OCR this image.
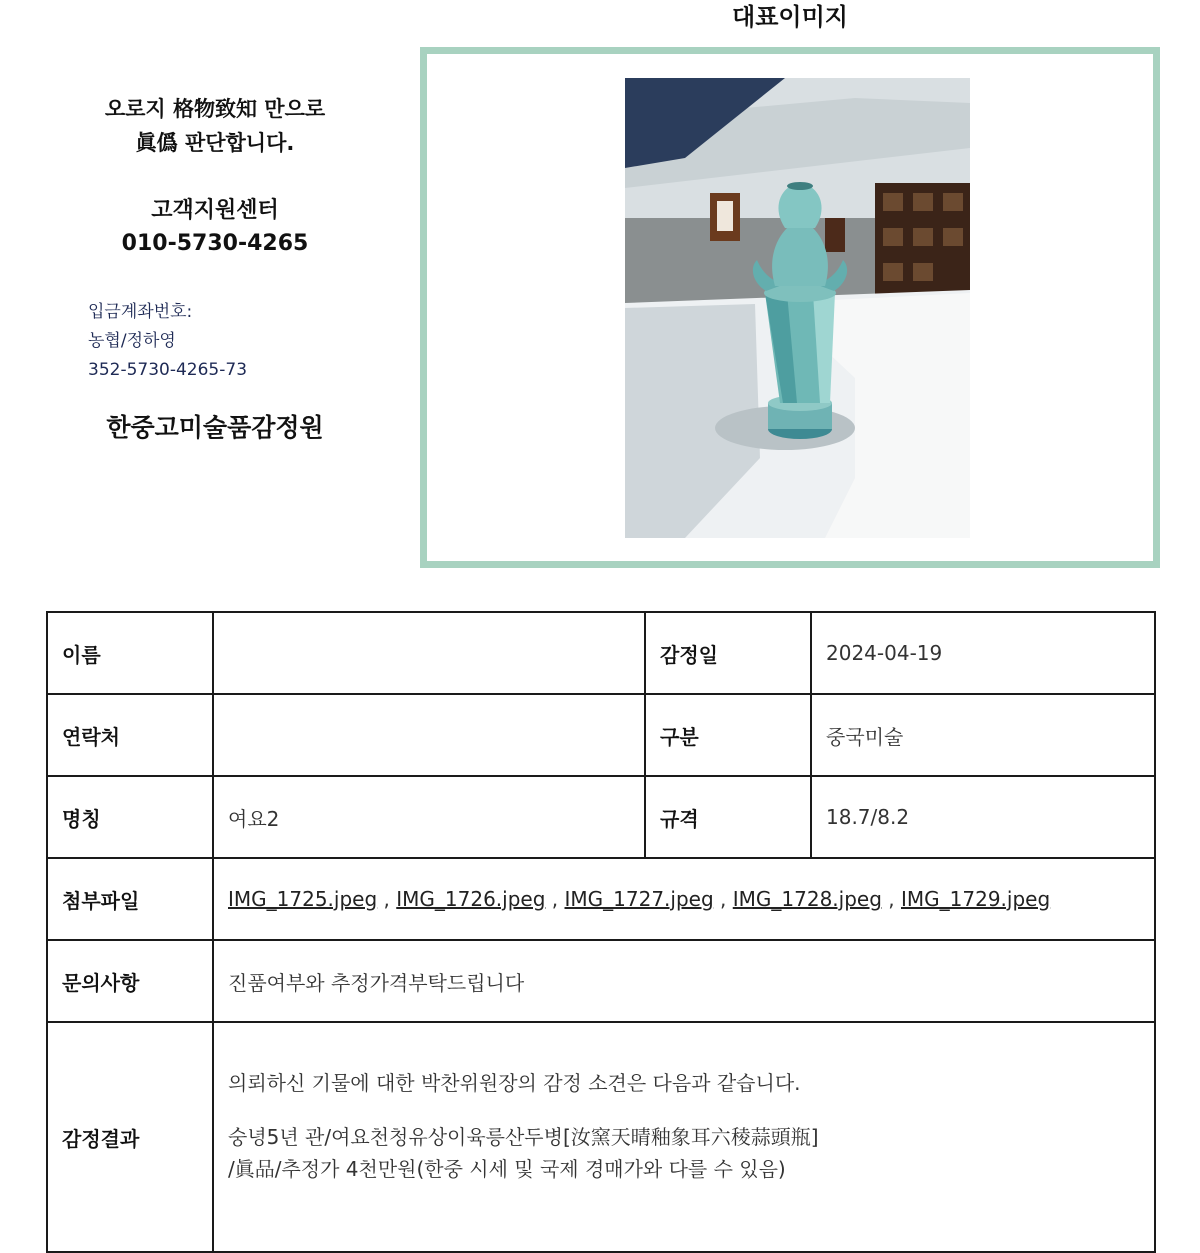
오로지 格物致知 만으로
眞僞 판단합니다.
고객지원센터
010-5730-4265
입금계좌번호:
농협/정하영
352-5730-4265-73
한중고미술품감정원
대표이미지
이름		감정일	2024-04-19
연락처		구분	중국미술
명칭	여요2	규격	18.7/8.2
첨부파일	IMG_1725.jpeg , IMG_1726.jpeg , IMG_1727.jpeg , IMG_1728.jpeg , IMG_1729.jpeg		
문의사항	진품여부와 추정가격부탁드립니다		
감정결과	의뢰하신 기물에 대한 박찬위원장의 감정 소견은 다음과 같습니다.

숭녕5년 관/여요천청유상이육릉산두병[汝窯天晴釉象耳六稜蒜頭瓶]

/眞品/추정가 4천만원(한중 시세 및 국제 경매가와 다를 수 있음)		
